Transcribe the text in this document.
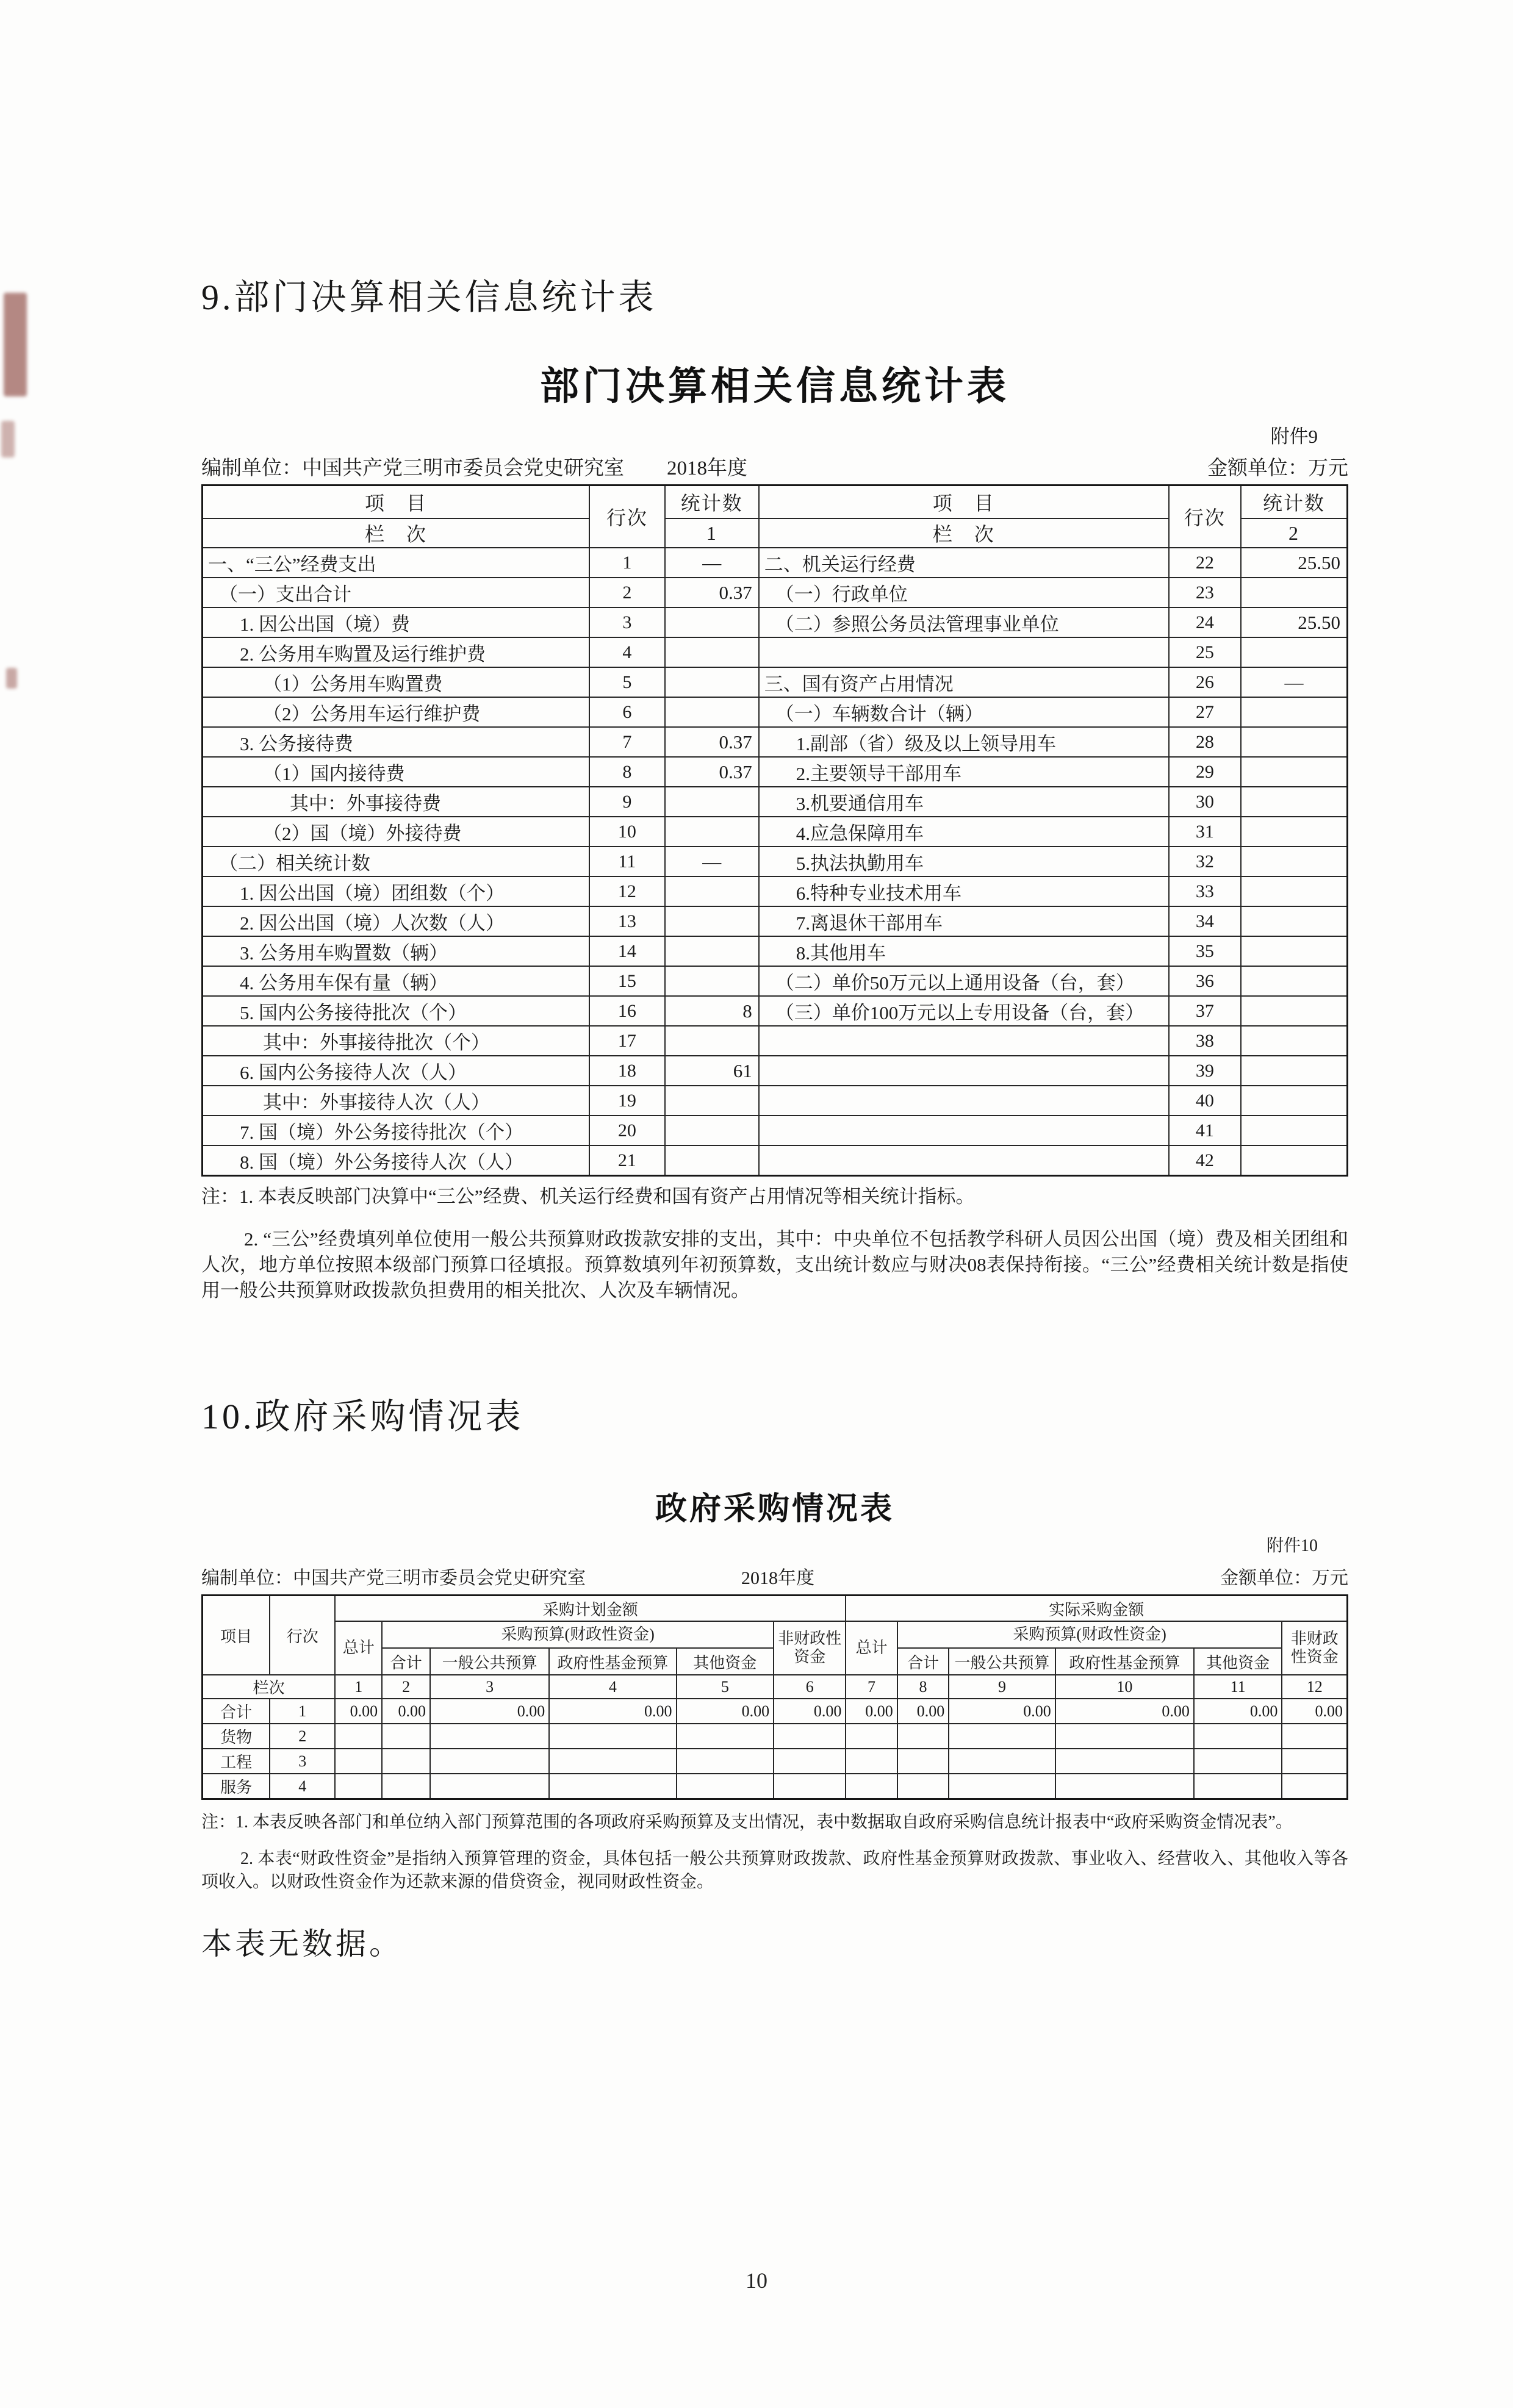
9.部门决算相关信息统计表
部门决算相关信息统计表
附件9
编制单位：中国共产党三明市委员会党史研究室 2018年度	金额单位：万元
项　目	行次	统计数	项　目	行次	统计数
栏　次		1	栏　次		2
一、“三公”经费支出	1	—	二、机关运行经费	22	25.50
（一）支出合计	2	0.37	（一）行政单位	23	
1. 因公出国（境）费	3		（二）参照公务员法管理事业单位	24	25.50
2. 公务用车购置及运行维护费	4			25	
（1）公务用车购置费	5		三、国有资产占用情况	26	—
（2）公务用车运行维护费	6		（一）车辆数合计（辆）	27	
3. 公务接待费	7	0.37	1.副部（省）级及以上领导用车	28	
（1）国内接待费	8	0.37	2.主要领导干部用车	29	
其中：外事接待费	9		3.机要通信用车	30	
（2）国（境）外接待费	10		4.应急保障用车	31	
（二）相关统计数	11	—	5.执法执勤用车	32	
1. 因公出国（境）团组数（个）	12		6.特种专业技术用车	33	
2. 因公出国（境）人次数（人）	13		7.离退休干部用车	34	
3. 公务用车购置数（辆）	14		8.其他用车	35	
4. 公务用车保有量（辆）	15		（二）单价50万元以上通用设备（台，套）	36	
5. 国内公务接待批次（个）	16	8	（三）单价100万元以上专用设备（台，套）	37	
其中：外事接待批次（个）	17			38	
6. 国内公务接待人次（人）	18	61		39	
其中：外事接待人次（人）	19			40	
7. 国（境）外公务接待批次（个）	20			41	
8. 国（境）外公务接待人次（人）	21			42	

注：1. 本表反映部门决算中“三公”经费、机关运行经费和国有资产占用情况等相关统计指标。

2. “三公”经费填列单位使用一般公共预算财政拨款安排的支出，其中：中央单位不包括教学科研人员因公出国（境）费及相关团组和人次，地方单位按照本级部门预算口径填报。预算数填列年初预算数，支出统计数应与财决08表保持衔接。“三公”经费相关统计数是指使用一般公共预算财政拨款负担费用的相关批次、人次及车辆情况。

10.政府采购情况表
政府采购情况表
附件10
编制单位：中国共产党三明市委员会党史研究室	2018年度	金额单位：万元
项目	行次	采购计划金额						实际采购金额					
		总计	采购预算(财政性资金)				非财政性资金	总计	采购预算(财政性资金)				非财政性资金
			合计	一般公共预算	政府性基金预算	其他资金			合计	一般公共预算	政府性基金预算	其他资金	
栏次		1	2	3	4	5	6	7	8	9	10	11	12
合计	1	0.00	0.00	0.00	0.00	0.00	0.00	0.00	0.00	0.00	0.00	0.00	0.00
货物	2												
工程	3												
服务	4												

注：1. 本表反映各部门和单位纳入部门预算范围的各项政府采购预算及支出情况，表中数据取自政府采购信息统计报表中“政府采购资金情况表”。

2. 本表“财政性资金”是指纳入预算管理的资金，具体包括一般公共预算财政拨款、政府性基金预算财政拨款、事业收入、经营收入、其他收入等各项收入。以财政性资金作为还款来源的借贷资金，视同财政性资金。

本表无数据。
10
